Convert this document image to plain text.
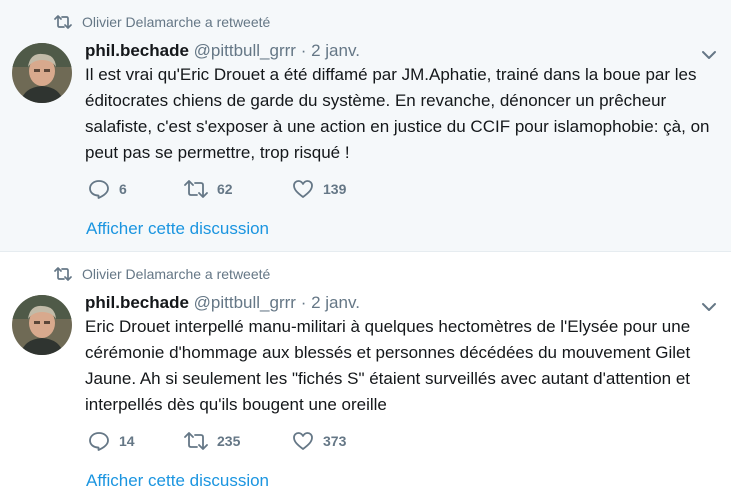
Olivier Delamarche a retweeté
phil.bechade @pittbull_grrr · 2 janv.
Il est vrai qu'Eric Drouet a été diffamé par JM.Aphatie, trainé dans la boue par les
éditocrates chiens de garde du système. En revanche, dénoncer un prêcheur
salafiste, c'est s'exposer à une action en justice du CCIF pour islamophobie: çà, on
peut pas se permettre, trop risqué !
6	62	139
Afficher cette discussion
Olivier Delamarche a retweeté
phil.bechade @pittbull_grrr · 2 janv.
Eric Drouet interpellé manu-militari à quelques hectomètres de l'Elysée pour une
cérémonie d'hommage aux blessés et personnes décédées du mouvement Gilet
Jaune. Ah si seulement les "fichés S" étaient surveillés avec autant d'attention et
interpellés dès qu'ils bougent une oreille
14	235	373
Afficher cette discussion
